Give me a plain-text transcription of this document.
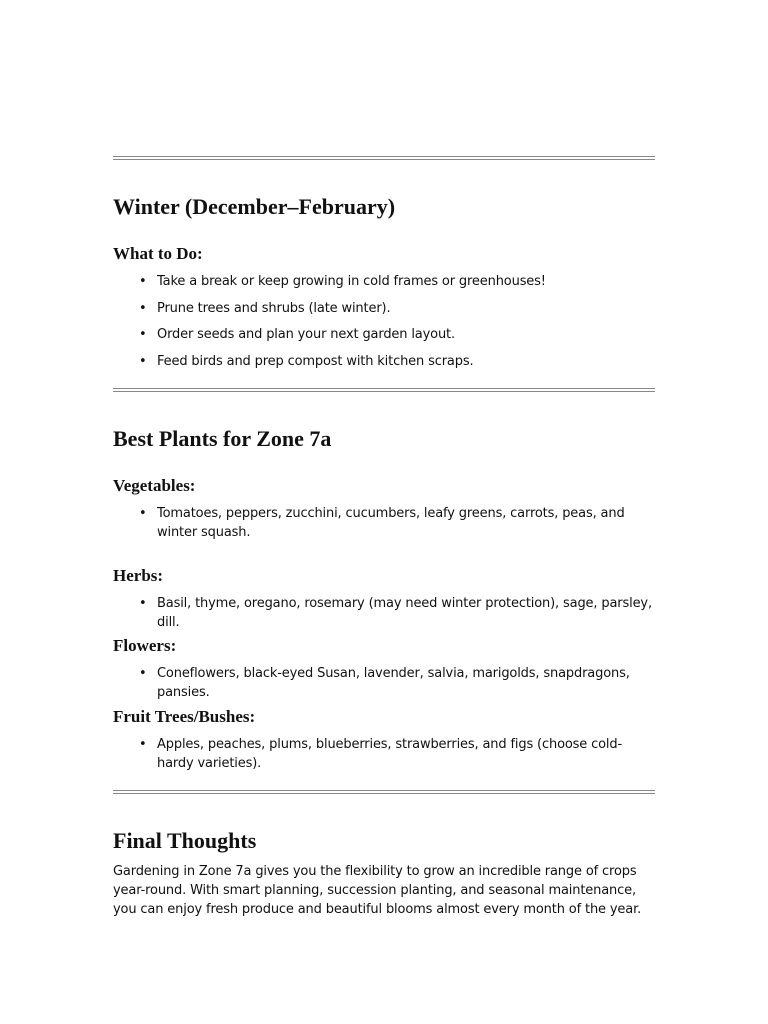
Winter (December–February)
What to Do:
• Take a break or keep growing in cold frames or greenhouses!
• Prune trees and shrubs (late winter).
• Order seeds and plan your next garden layout.
• Feed birds and prep compost with kitchen scraps.
Best Plants for Zone 7a
Vegetables:
• Tomatoes, peppers, zucchini, cucumbers, leafy greens, carrots, peas, and winter squash.
Herbs:
• Basil, thyme, oregano, rosemary (may need winter protection), sage, parsley, dill.
Flowers:
• Coneflowers, black-eyed Susan, lavender, salvia, marigolds, snapdragons, pansies.
Fruit Trees/Bushes:
• Apples, peaches, plums, blueberries, strawberries, and figs (choose cold-hardy varieties).
Final Thoughts

Gardening in Zone 7a gives you the flexibility to grow an incredible range of crops year-round. With smart planning, succession planting, and seasonal maintenance, you can enjoy fresh produce and beautiful blooms almost every month of the year.
